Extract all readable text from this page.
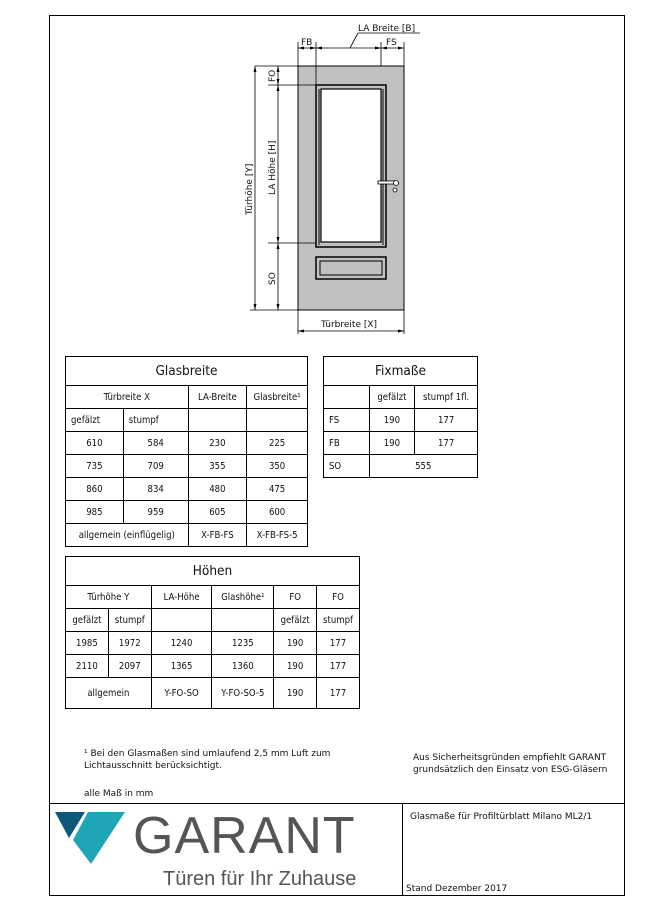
LA Breite [B]
FB	FS
FO
LA Höhe [H]
Türhöhe [Y]
SO
Türbreite [X]
Glasbreite			
Türbreite X		LA-Breite	Glasbreite¹
gefälzt	stumpf		
610	584	230	225
735	709	355	350
860	834	480	475
985	959	605	600
allgemein (einflügelig)		X-FB-FS	X-FB-FS-5
Fixmaße		
	gefälzt	stumpf 1fl.
FS	190	177
FB	190	177
SO	555	
Höhen					
Türhöhe Y		LA-Höhe	Glashöhe¹	FO	FO
gefälzt	stumpf			gefälzt	stumpf
1985	1972	1240	1235	190	177
2110	2097	1365	1360	190	177
allgemein		Y-FO-SO	Y-FO-SO-5	190	177
¹ Bei den Glasmaßen sind umlaufend 2,5 mm Luft zum
Lichtausschnitt berücksichtigt.
alle Maß in mm
Aus Sicherheitsgründen empfiehlt GARANT
grundsätzlich den Einsatz von ESG-Gläsern
Glasmaße für Profiltürblatt Milano ML2/1
Stand Dezember 2017
GARANT
Türen für Ihr Zuhause
